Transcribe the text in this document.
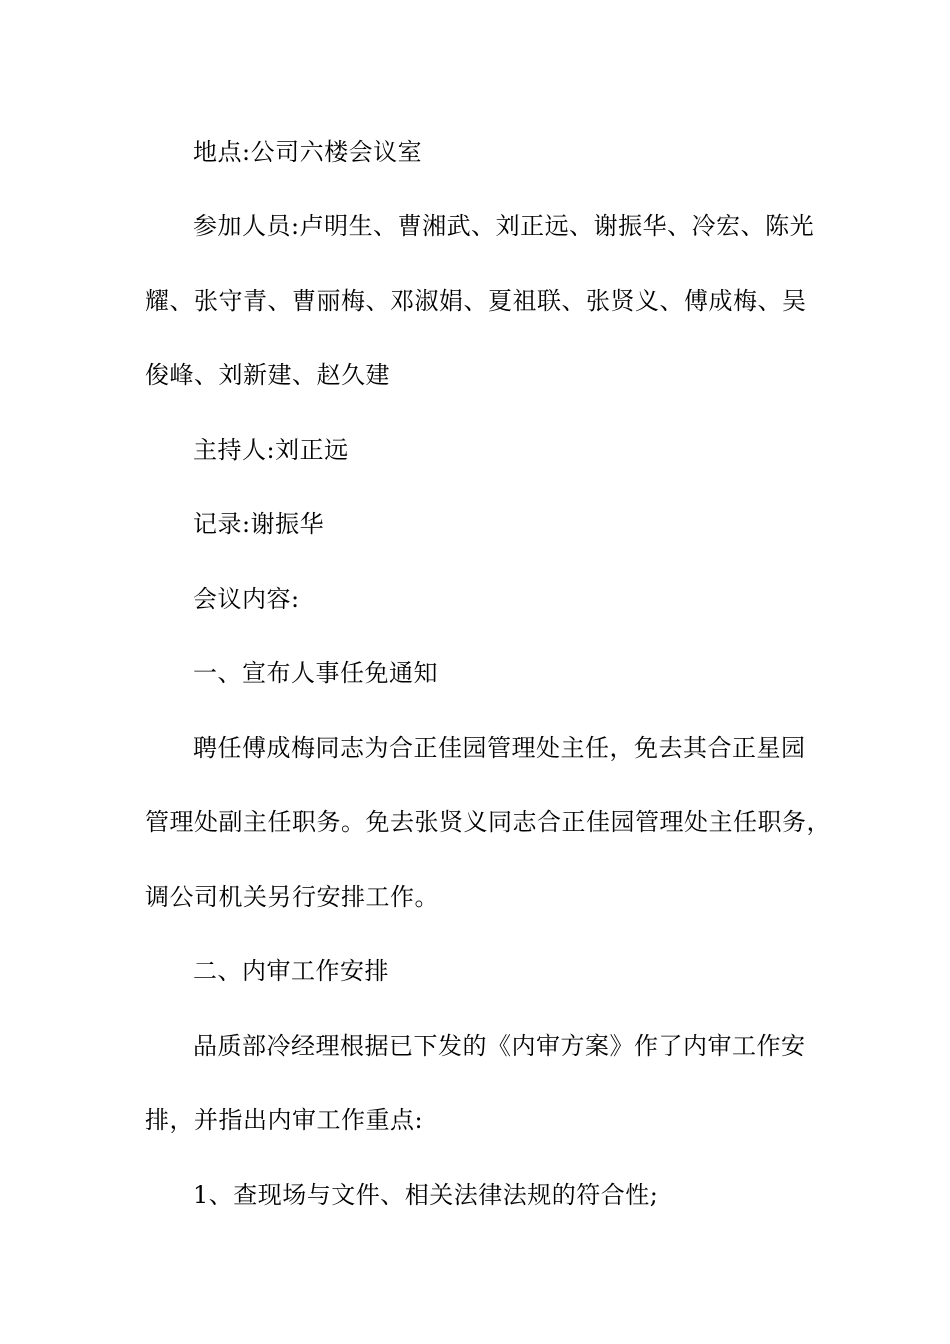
地点:公司六楼会议室
参加人员:卢明生、曹湘武、刘正远、谢振华、冷宏、陈光
耀、张守青、曹丽梅、邓淑娟、夏祖联、张贤义、傅成梅、吴
俊峰、刘新建、赵久建
主持人:刘正远
记录:谢振华
会议内容:
一、宣布人事任免通知
聘任傅成梅同志为合正佳园管理处主任，免去其合正星园
管理处副主任职务。免去张贤义同志合正佳园管理处主任职务，
调公司机关另行安排工作。
二、内审工作安排
品质部冷经理根据已下发的《内审方案》作了内审工作安
排，并指出内审工作重点:
1、查现场与文件、相关法律法规的符合性;
